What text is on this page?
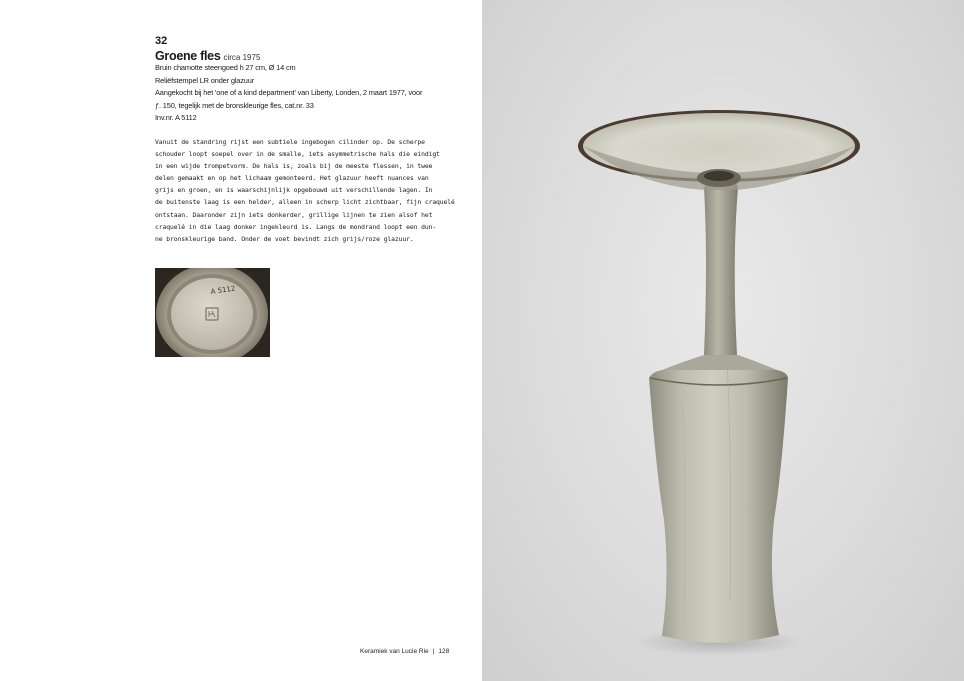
32
Groene fles circa 1975
Bruin chamotte steengoed h 27 cm, Ø 14 cm
Reliëfstempel LR onder glazuur
Aangekocht bij het 'one of a kind department' van Liberty, Londen, 2 maart 1977, voor
ƒ. 150, tegelijk met de bronskleurige fles, cat.nr. 33
Inv.nr. A 5112
Vanuit de standring rijst een subtiele ingebogen cilinder op. De scherpe
schouder loopt soepel over in de smalle, iets asymmetrische hals die eindigt
in een wijde trompetvorm. De hals is, zoals bij de meeste flessen, in twee
delen gemaakt en op het lichaam gemonteerd. Het glazuur heeft nuances van
grijs en groen, en is waarschijnlijk opgebouwd uit verschillende lagen. In
de buitenste laag is een helder, alleen in scherp licht zichtbaar, fijn craquelé
ontstaan. Daaronder zijn iets donkerder, grillige lijnen te zien alsof het
craquelé in die laag donker ingekleurd is. Langs de mondrand loopt een dun-
ne bronskleurige band. Onder de voet bevindt zich grijs/roze glazuur.
A 5112
Keramiek van Lucie Rie | 128
